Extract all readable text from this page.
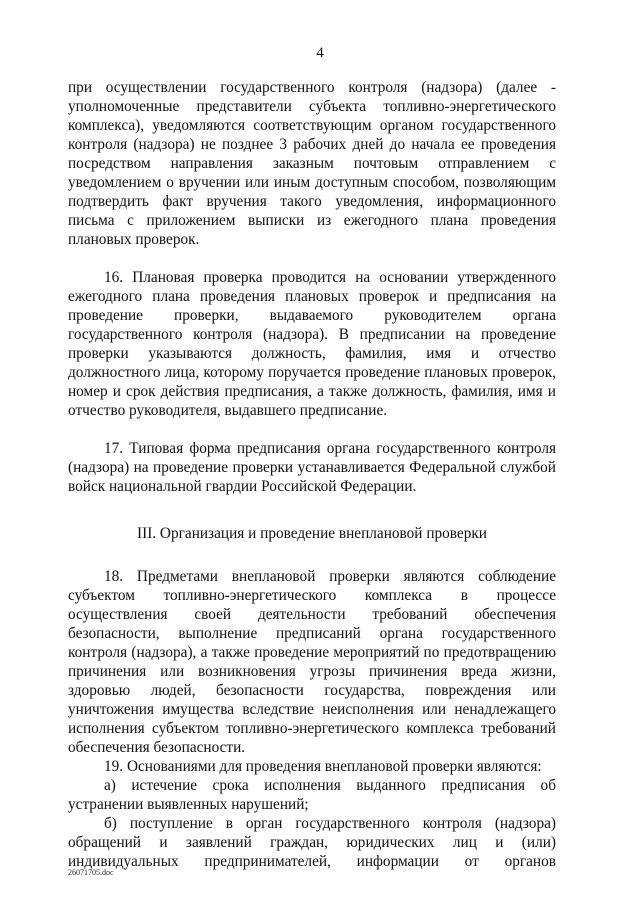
4

при осуществлении государственного контроля (надзора) (далее - уполномоченные представители субъекта топливно-энергетического комплекса), уведомляются соответствующим органом государственного контроля (надзора) не позднее 3 рабочих дней до начала ее проведения посредством направления заказным почтовым отправлением с уведомлением о вручении или иным доступным способом, позволяющим подтвердить факт вручения такого уведомления, информационного письма с приложением выписки из ежегодного плана проведения плановых проверок.

16. Плановая проверка проводится на основании утвержденного ежегодного плана проведения плановых проверок и предписания на проведение проверки, выдаваемого руководителем органа государственного контроля (надзора). В предписании на проведение проверки указываются должность, фамилия, имя и отчество должностного лица, которому поручается проведение плановых проверок, номер и срок действия предписания, а также должность, фамилия, имя и отчество руководителя, выдавшего предписание.

17. Типовая форма предписания органа государственного контроля (надзора) на проведение проверки устанавливается Федеральной службой войск национальной гвардии Российской Федерации.

III. Организация и проведение внеплановой проверки

18. Предметами внеплановой проверки являются соблюдение субъектом топливно-энергетического комплекса в процессе осуществления своей деятельности требований обеспечения безопасности, выполнение предписаний органа государственного контроля (надзора), а также проведение мероприятий по предотвращению причинения или возникновения угрозы причинения вреда жизни, здоровью людей, безопасности государства, повреждения или уничтожения имущества вследствие неисполнения или ненадлежащего исполнения субъектом топливно-энергетического комплекса требований обеспечения безопасности.

19. Основаниями для проведения внеплановой проверки являются:

а) истечение срока исполнения выданного предписания об устранении выявленных нарушений;

б) поступление в орган государственного контроля (надзора) обращений и заявлений граждан, юридических лиц и (или) индивидуальных предпринимателей, информации от органов

26071705.doc
